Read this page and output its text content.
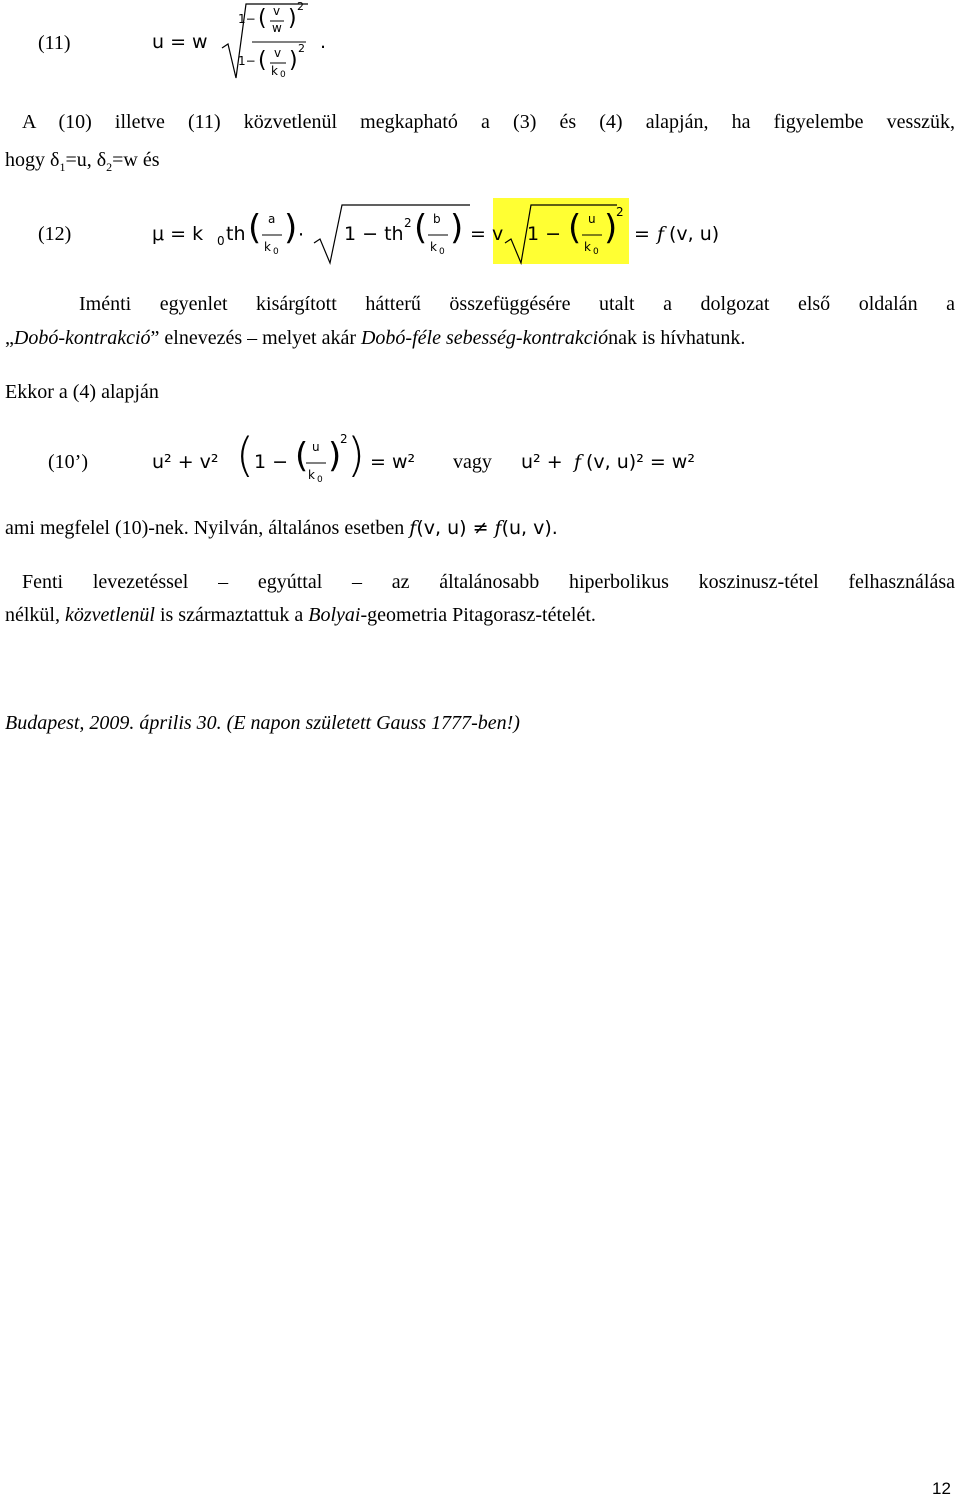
(11)	u = w
1− ( v
w ) 2
1− ( v
k 0
) 2 .
A (10) illetve (11) közvetlenül megkapható a (3) és (4) alapján, ha figyelembe vesszük,
hogy $\delta_1=u$, $\delta_2=w$ és
(12)	μ = k 0 th ( a
k 0
) · 1 − th 2 ( b
k 0
) = v 1 − ( u
k 0
)
2
= f (v, u)
Iménti egyenlet kisárgított hátterű összefüggésére utalt a dolgozat első oldalán a
„Dobó-kontrakció” elnevezés – melyet akár Dobó-féle sebesség-kontrakciónak is hívhatunk.
Ekkor a (4) alapján
(10’)	u² + v² ( 1 − ( u
k 0
)
2 ) = w² vagy u² + f (v, u)² = w²
ami megfelel (10)-nek. Nyilván, általános esetben f(v, u) ≠ f(u, v).
Fenti levezetéssel – egyúttal – az általánosabb hiperbolikus koszinusz-tétel felhasználása
nélkül, közvetlenül is származtattuk a Bolyai-geometria Pitagorasz-tételét.
Budapest, 2009. április 30. (E napon született Gauss 1777-ben!)
12
